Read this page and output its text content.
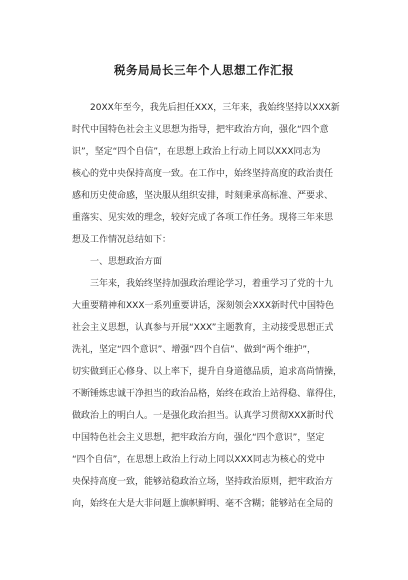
税务局局长三年个人思想工作汇报
　　20XX年至今，我先后担任XXX，三年来，我始终坚持以XXX新
时代中国特色社会主义思想为指导，把牢政治方向，强化“四个意
识”，坚定“四个自信”，在思想上政治上行动上同以XXX同志为
核心的党中央保持高度一致。在工作中，始终坚持高度的政治责任
感和历史使命感，坚决服从组织安排，时刻秉承高标准、严要求、
重落实、见实效的理念，较好完成了各项工作任务。现将三年来思
想及工作情况总结如下：
　　一、思想政治方面
　　三年来，我始终坚持加强政治理论学习，着重学习了党的十九
大重要精神和XXX一系列重要讲话，深刻领会XXX新时代中国特色
社会主义思想，认真参与开展“XXX”主题教育，主动接受思想正式
洗礼，坚定“四个意识”、增强“四个自信”、做到“两个维护”，
切实做到正心修身、以上率下，提升自身道德品质，追求高尚情操，
不断锤炼忠诚干净担当的政治品格，始终在政治上站得稳、靠得住，
做政治上的明白人。一是强化政治担当。认真学习贯彻XXX新时代
中国特色社会主义思想，把牢政治方向，强化“四个意识”，坚定
“四个自信”，在思想上政治上行动上同以XXX同志为核心的党中
央保持高度一致，能够站稳政治立场，坚持政治原则，把牢政治方
向，始终在大是大非问题上旗帜鲜明、毫不含糊；能够站在全局的
